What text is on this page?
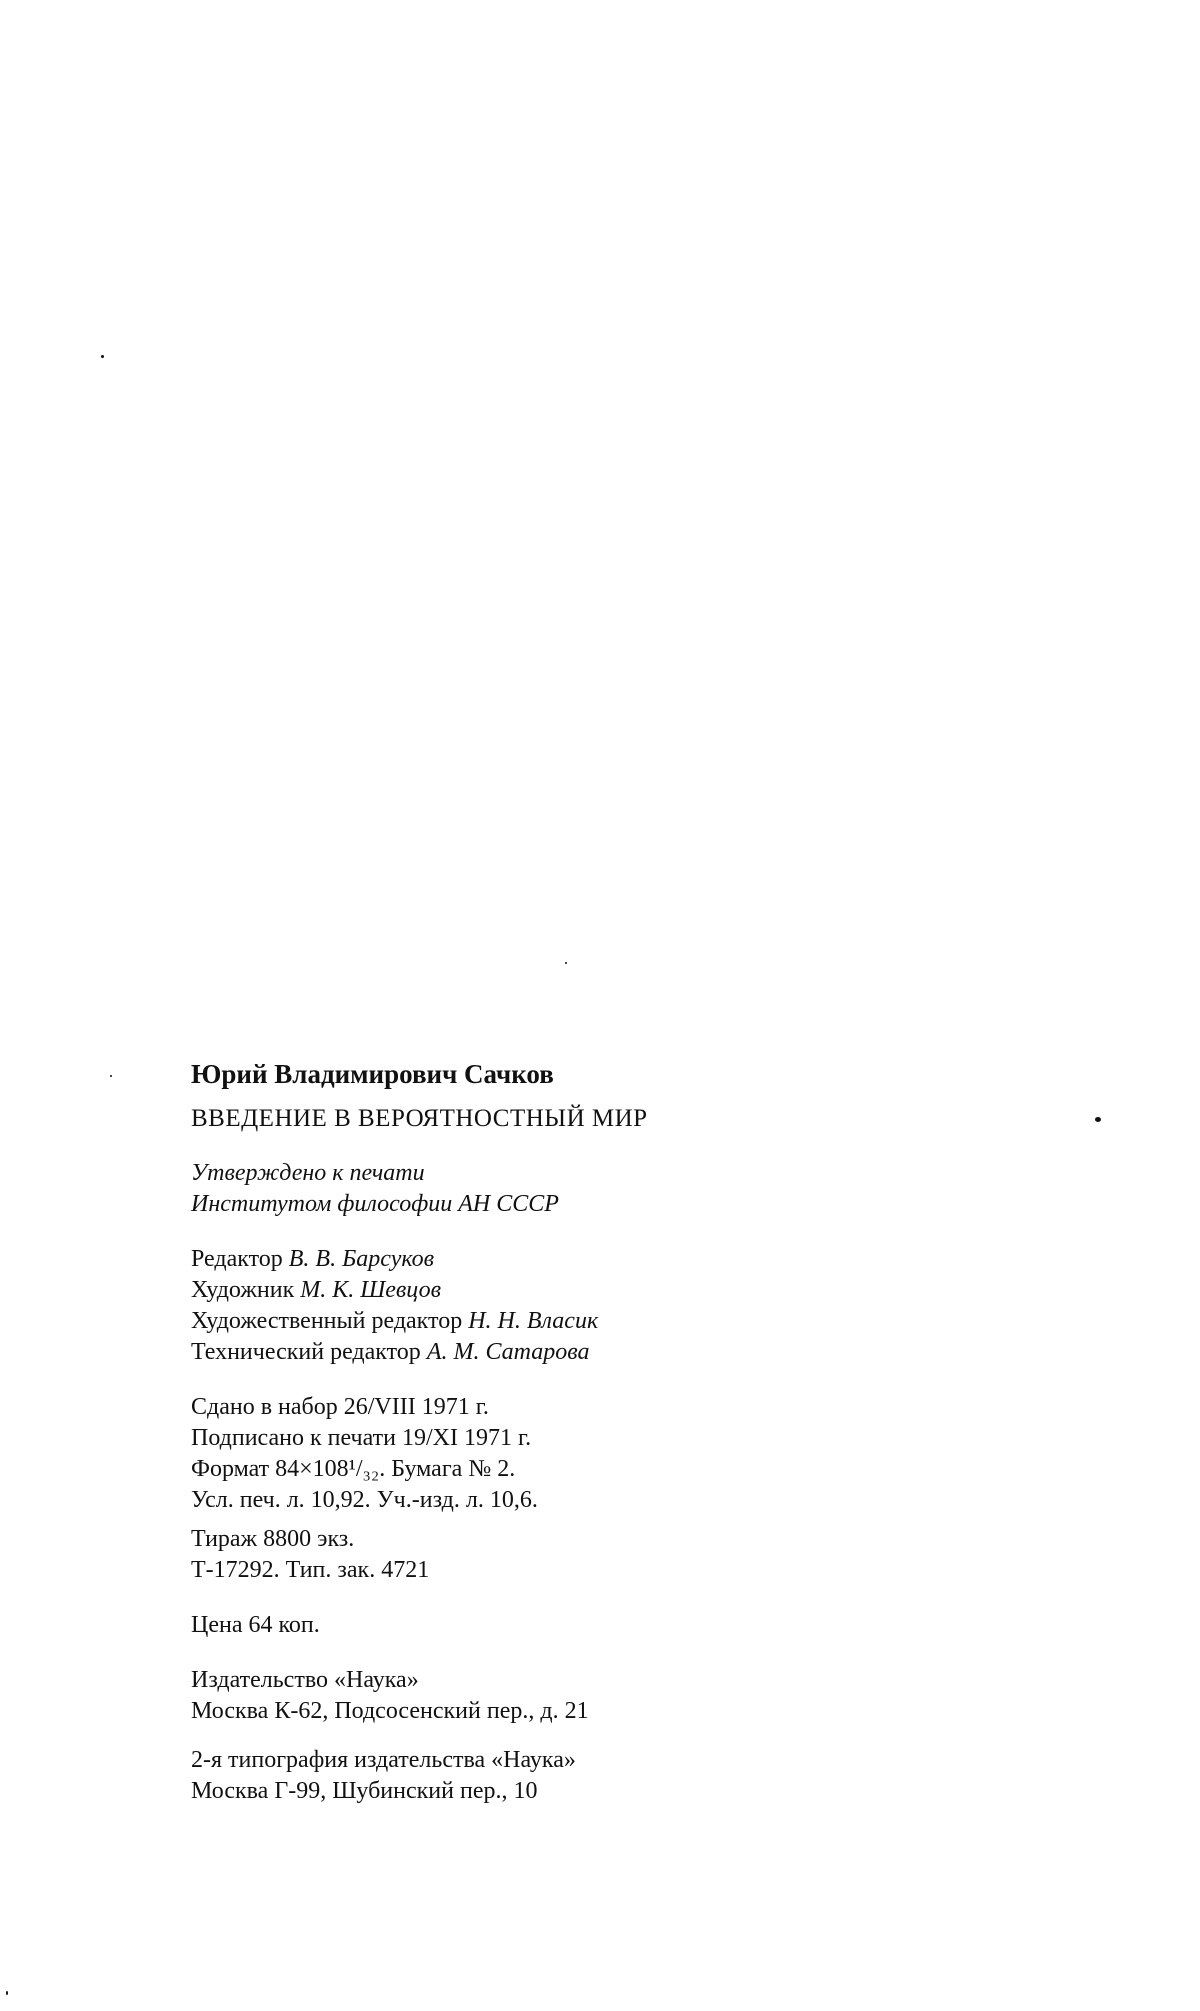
Юрий Владимирович Сачков
ВВЕДЕНИЕ В ВЕРОЯТНОСТНЫЙ МИР
Утверждено к печати
Институтом философии АН СССР
Редактор В. В. Барсуков
Художник М. К. Шевцов
Художественный редактор Н. Н. Власик
Технический редактор А. М. Сатарова
Сдано в набор 26/VIII 1971 г.
Подписано к печати 19/XI 1971 г.
Формат 84×108¹/₃₂. Бумага № 2.
Усл. печ. л. 10,92. Уч.-изд. л. 10,6.
Тираж 8800 экз.
Т-17292. Тип. зак. 4721
Цена 64 коп.
Издательство «Наука»
Москва К-62, Подсосенский пер., д. 21
2-я типография издательства «Наука»
Москва Г-99, Шубинский пер., 10
